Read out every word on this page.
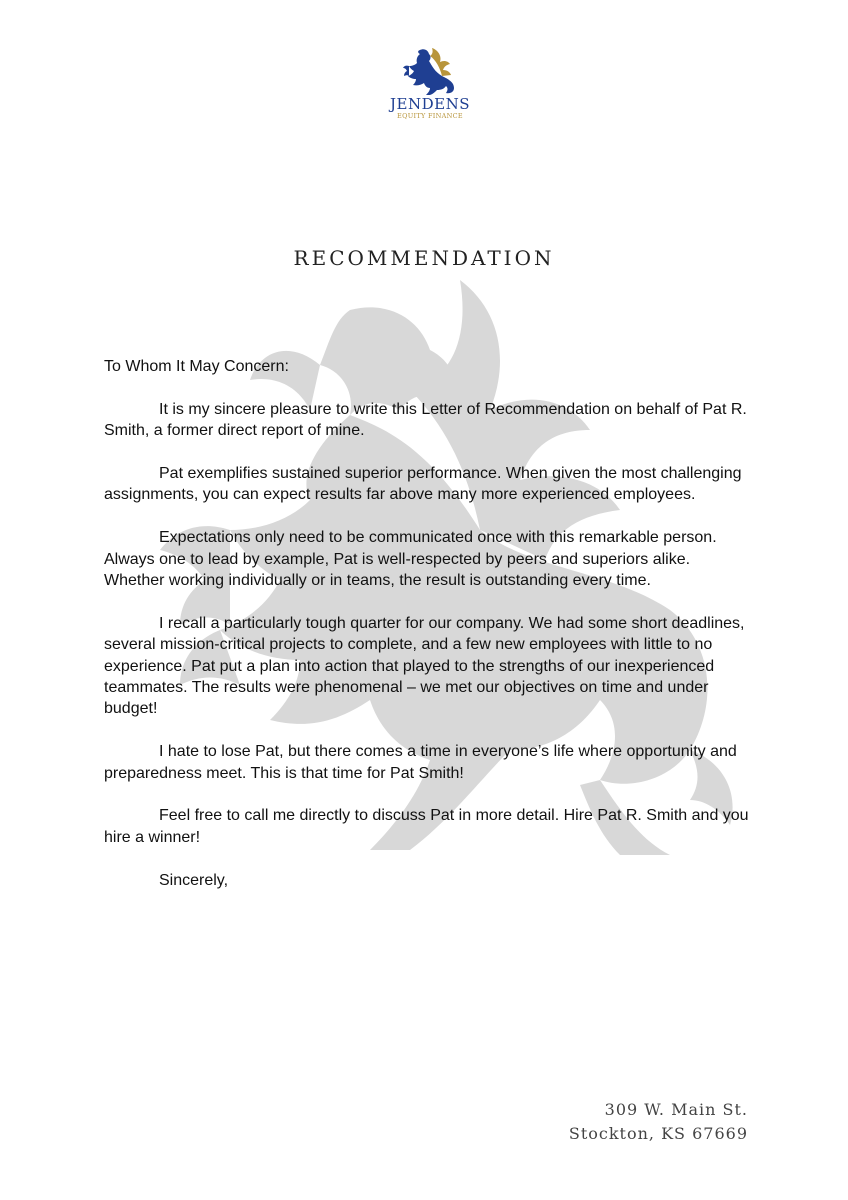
JENDENS
EQUITY FINANCE
RECOMMENDATION

To Whom It May Concern:

It is my sincere pleasure to write this Letter of Recommendation on behalf of Pat R. Smith, a former direct report of mine.

Pat exemplifies sustained superior performance. When given the most challenging assignments, you can expect results far above many more experienced employees.

Expectations only need to be communicated once with this remarkable person. Always one to lead by example, Pat is well-respected by peers and superiors alike. Whether working individually or in teams, the result is outstanding every time.

I recall a particularly tough quarter for our company. We had some short deadlines, several mission-critical projects to complete, and a few new employees with little to no experience. Pat put a plan into action that played to the strengths of our inexperienced teammates. The results were phenomenal – we met our objectives on time and under budget!

I hate to lose Pat, but there comes a time in everyone’s life where opportunity and preparedness meet. This is that time for Pat Smith!

Feel free to call me directly to discuss Pat in more detail. Hire Pat R. Smith and you hire a winner!

Sincerely,

309 W. Main St.
Stockton, KS 67669
